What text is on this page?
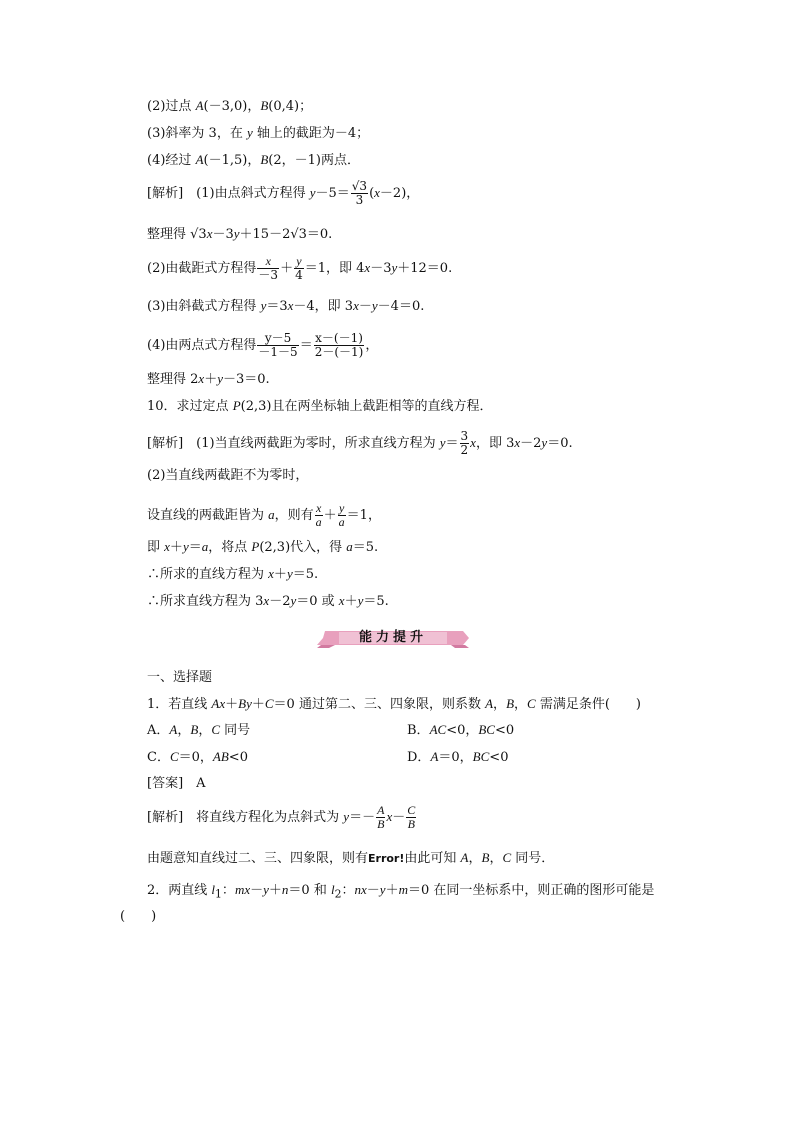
(2)过点 A(－3,0)，B(0,4)；
(3)斜率为 3，在 y 轴上的截距为－4；
(4)经过 A(－1,5)，B(2，－1)两点．
[解析]　(1)由点斜式方程得 $y-5= \frac{√3}{3} (x-2)$，
整理得 √3x－3y＋15－2√3＝0.
(2)由截距式方程得 $\frac{x}{-3} + \frac{y}{4} =1$，即 4x－3y＋12＝0.
(3)由斜截式方程得 y＝3x－4，即 3x－y－4＝0.
(4)由两点式方程得 $\frac{y-5}{-1-5} = \frac{x-(-1)}{2-(-1)}$ ，
整理得 2x＋y－3＝0.
10．求过定点 P(2,3)且在两坐标轴上截距相等的直线方程．
[解析]　(1)当直线两截距为零时，所求直线方程为 $y= \frac{3}{2}$ x，即 3x－2y＝0.
(2)当直线两截距不为零时，
设直线的两截距皆为 a，则有 $\frac{x}{a} + \frac{y}{a} =1$，
即 x＋y＝a，将点 P(2,3)代入，得 a＝5.
∴所求的直线方程为 x＋y＝5.
∴所求直线方程为 3x－2y＝0 或 x＋y＝5.
能力提升
一、选择题
1．若直线 Ax＋By＋C＝0 通过第二、三、四象限，则系数 A，B，C 需满足条件(　　)
A．A，B，C 同号	B．AC<0，BC<0
C．C＝0，AB<0	D．A＝0，BC<0
[答案]　A
[解析]　将直线方程化为点斜式为 $y=- \frac{A}{B} x- \frac{C}{B}$
由题意知直线过二、三、四象限，则有Error!由此可知 A，B，C 同号．
2．两直线 $l_1$：mx－y＋n＝0 和 $l_2$：nx－y＋m＝0 在同一坐标系中，则正确的图形可能是
(　　)
